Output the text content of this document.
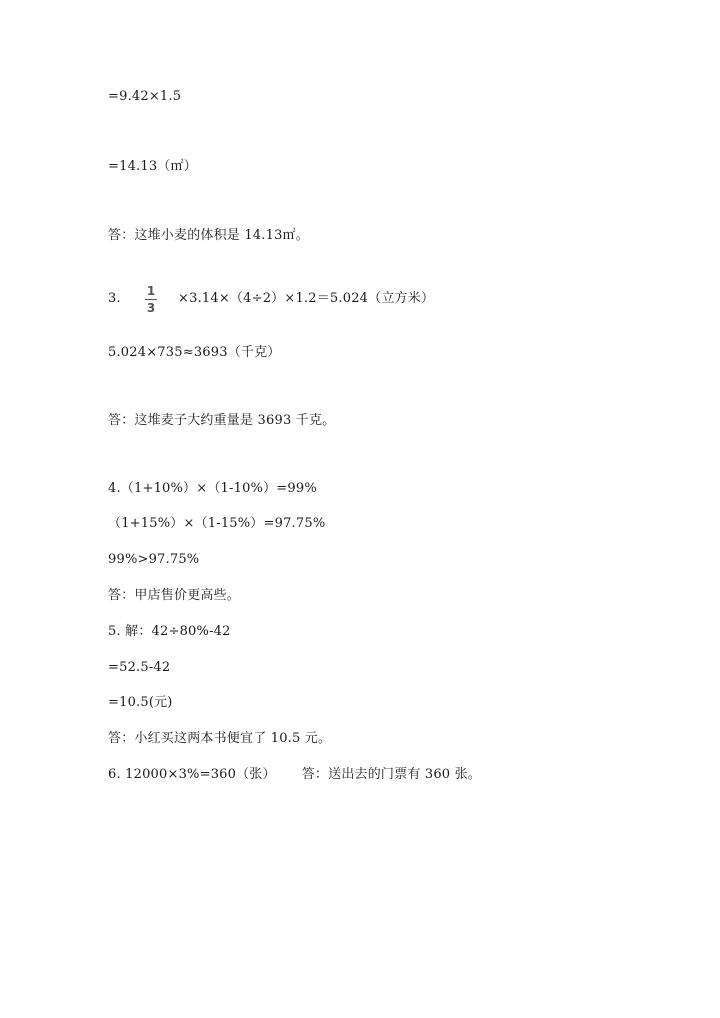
=9.42×1.5
=14.13（㎡）
答：这堆小麦的体积是 14.13㎡。
3.	1
3
×3.14×（4÷2）×1.2＝5.024（立方米）
5.024×735≈3693（千克）
答：这堆麦子大约重量是 3693 千克。
4.（1+10%）×（1-10%）=99%
（1+15%）×（1-15%）=97.75%
99%>97.75%
答：甲店售价更高些。
5. 解：42÷80%-42
=52.5-42
=10.5(元)
答：小红买这两本书便宜了 10.5 元。
6. 12000×3%=360（张） 答：送出去的门票有 360 张。
